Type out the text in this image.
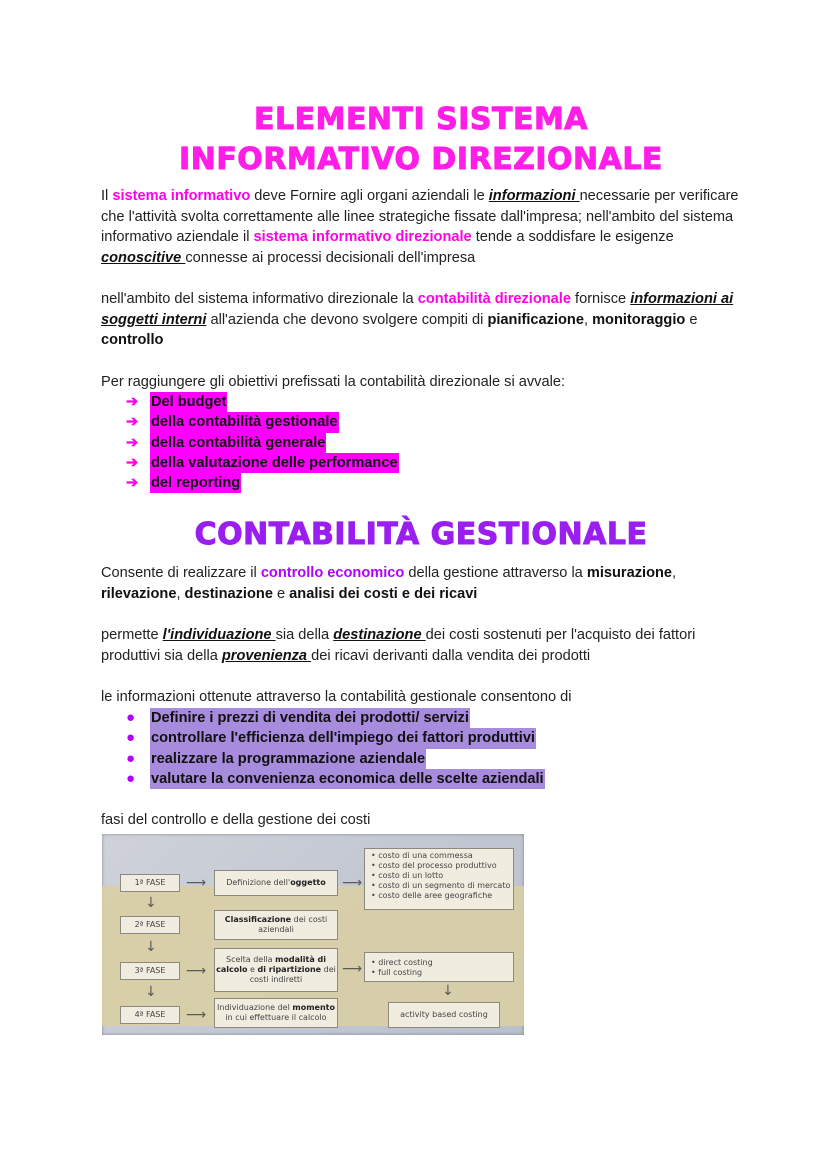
ELEMENTI SISTEMA INFORMATIVO DIREZIONALE

Il sistema informativo deve Fornire agli organi aziendali le informazioni necessarie per verificare che l'attività svolta correttamente alle linee strategiche fissate dall'impresa; nell'ambito del sistema informativo aziendale il sistema informativo direzionale tende a soddisfare le esigenze conoscitive connesse ai processi decisionali dell'impresa

nell'ambito del sistema informativo direzionale la contabilità direzionale fornisce informazioni ai soggetti interni all'azienda che devono svolgere compiti di pianificazione, monitoraggio e controllo

Per raggiungere gli obiettivi prefissati la contabilità direzionale si avvale:

➔ Del budget
➔ della contabilità gestionale
➔ della contabilità generale
➔ della valutazione delle performance
➔ del reporting
CONTABILITÀ GESTIONALE

Consente di realizzare il controllo economico della gestione attraverso la misurazione, rilevazione, destinazione e analisi dei costi e dei ricavi

permette l'individuazione sia della destinazione dei costi sostenuti per l'acquisto dei fattori produttivi sia della provenienza dei ricavi derivanti dalla vendita dei prodotti

le informazioni ottenute attraverso la contabilità gestionale consentono di

●	Definire i prezzi di vendita dei prodotti/ servizi
●	controllare l'efficienza dell'impiego dei fattori produttivi
●	realizzare la programmazione aziendale
●	valutare la convenienza economica delle scelte aziendali

fasi del controllo e della gestione dei costi

1ª FASE
2ª FASE
3ª FASE
4ª FASE
↓
↓
↓
⟶
⟶
⟶
Definizione dell'oggetto
Classificazione dei costi aziendali
Scelta della modalità di calcolo e di ripartizione dei costi indiretti
Individuazione del momento in cui effettuare il calcolo
⟶
⟶
• costo di una commessa
• costo del processo produttivo
• costo di un lotto
• costo di un segmento di mercato
• costo delle aree geografiche
• direct costing
• full costing
↓
activity based costing
